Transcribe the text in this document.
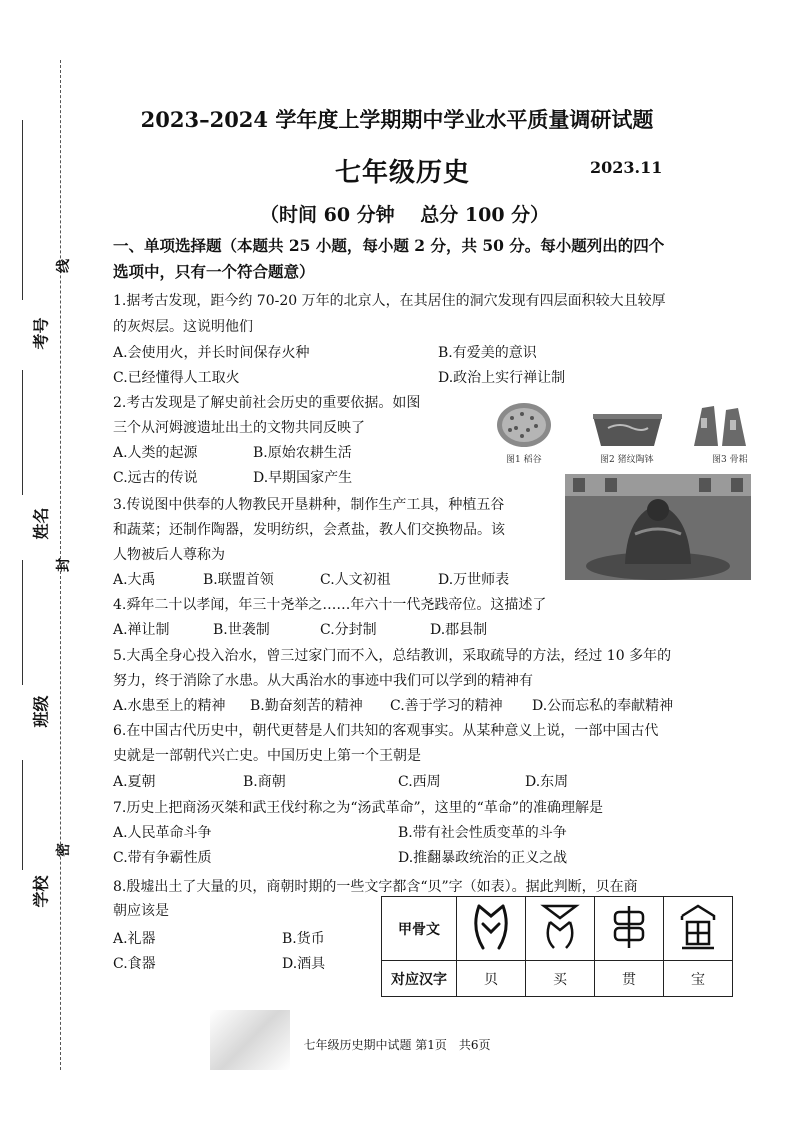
考号
线
姓名
封
班级
密
学校
2023–2024 学年度上学期期中学业水平质量调研试题
七年级历史	2023.11
（时间 60 分钟　 总分 100 分）
一、单项选择题（本题共 25 小题，每小题 2 分，共 50 分。每小题列出的四个
选项中，只有一个符合题意）
1.据考古发现，距今约 70-20 万年的北京人，在其居住的洞穴发现有四层面积较大且较厚
的灰烬层。这说明他们
A.会使用火，并长时间保存火种	B.有爱美的意识
C.已经懂得人工取火	D.政治上实行禅让制
2.考古发现是了解史前社会历史的重要依据。如图
三个从河姆渡遗址出土的文物共同反映了
A.人类的起源	B.原始农耕生活
C.远古的传说	D.早期国家产生
图1 稻谷	图2 猪纹陶钵	图3 骨耜
3.传说图中供奉的人物教民开垦耕种，制作生产工具，种植五谷
和蔬菜；还制作陶器，发明纺织，会煮盐，教人们交换物品。该
人物被后人尊称为
A.大禹	B.联盟首领	C.人文初祖	D.万世师表
4.舜年二十以孝闻，年三十尧举之……年六十一代尧践帝位。这描述了
A.禅让制	B.世袭制	C.分封制	D.郡县制
5.大禹全身心投入治水，曾三过家门而不入，总结教训，采取疏导的方法，经过 10 多年的
努力，终于消除了水患。从大禹治水的事迹中我们可以学到的精神有
A.水患至上的精神 B.勤奋刻苦的精神 C.善于学习的精神 D.公而忘私的奉献精神
6.在中国古代历史中，朝代更替是人们共知的客观事实。从某种意义上说，一部中国古代
史就是一部朝代兴亡史。中国历史上第一个王朝是
A.夏朝	B.商朝	C.西周	D.东周
7.历史上把商汤灭桀和武王伐纣称之为“汤武革命”，这里的“革命”的准确理解是
A.人民革命斗争	B.带有社会性质变革的斗争
C.带有争霸性质	D.推翻暴政统治的正义之战
8.殷墟出土了大量的贝，商朝时期的一些文字都含“贝”字（如表）。据此判断，贝在商
朝应该是
A.礼器	B.货币
C.食器	D.酒具
甲骨文				
对应汉字	贝	买	贯	宝
七年级历史期中试题 第1页　共6页
